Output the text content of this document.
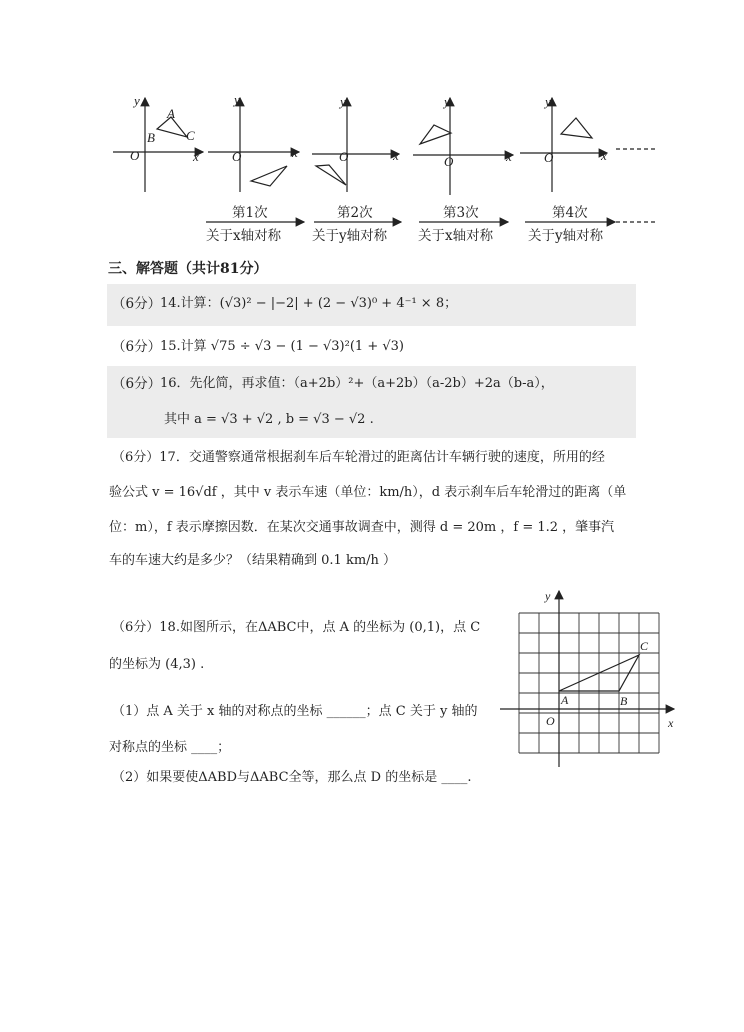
y
x
O
A
B C
y
x
O
y
x
O
y
x
O
y
x
O
第1次
关于x轴对称
第2次
关于y轴对称
第3次
关于x轴对称
第4次
关于y轴对称
三、解答题（共计81分）
（6分）
14.计算：(√3)² − |−2| + (2 − √3)⁰ + 4⁻¹ × 8；
（6分）
15.计算 √75 ÷ √3 − (1 − √3)²(1 + √3)
（6分）
16．先化简，再求值：（a+2b）²+（a+2b）（a-2b）+2a（b-a），
其中 a = √3 + √2 , b = √3 − √2 .
（6分）17．交通警察通常根据刹车后车轮滑过的距离估计车辆行驶的速度，所用的经
验公式 v = 16√df ，其中 v 表示车速（单位：km/h），d 表示刹车后车轮滑过的距离（单
位：m），f 表示摩擦因数．在某次交通事故调查中，测得 d = 20m ，f = 1.2 ，肇事汽
车的车速大约是多少？（结果精确到 0.1 km/h ）
（6分）18.如图所示，在ΔABC中，点 A 的坐标为 (0,1)，点 C
的坐标为 (4,3) .
（1）点 A 关于 x 轴的对称点的坐标 ______；点 C 关于 y 轴的
对称点的坐标 ____；
（2）如果要使ΔABD与ΔABC全等，那么点 D 的坐标是 ____.
x
y
O
A	B
C
